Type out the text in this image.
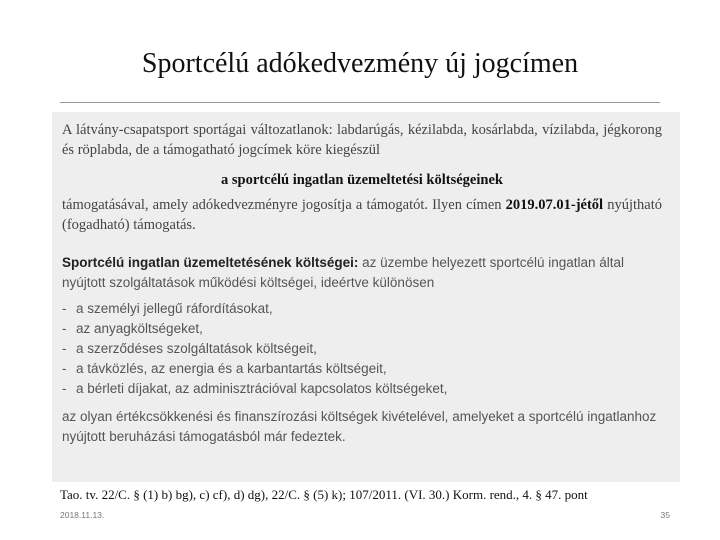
Sportcélú adókedvezmény új jogcímen

A látvány-csapatsport sportágai változatlanok: labdarúgás, kézilabda, kosárlabda, vízilabda, jégkorong és röplabda, de a támogatható jogcímek köre kiegészül

a sportcélú ingatlan üzemeltetési költségeinek

támogatásával, amely adókedvezményre jogosítja a támogatót. Ilyen címen 2019.07.01-jétől nyújtható (fogadható) támogatás.

Sportcélú ingatlan üzemeltetésének költségei: az üzembe helyezett sportcélú ingatlan által nyújtott szolgáltatások működési költségei, ideértve különösen

- a személyi jellegű ráfordításokat,
- az anyagköltségeket,
- a szerződéses szolgáltatások költségeit,
- a távközlés, az energia és a karbantartás költségeit,
- a bérleti díjakat, az adminisztrációval kapcsolatos költségeket,

az olyan értékcsökkenési és finanszírozási költségek kivételével, amelyeket a sportcélú ingatlanhoz nyújtott beruházási támogatásból már fedeztek.

Tao. tv. 22/C. § (1) b) bg), c) cf), d) dg), 22/C. § (5) k); 107/2011. (VI. 30.) Korm. rend., 4. § 47. pont
2018.11.13.	35
